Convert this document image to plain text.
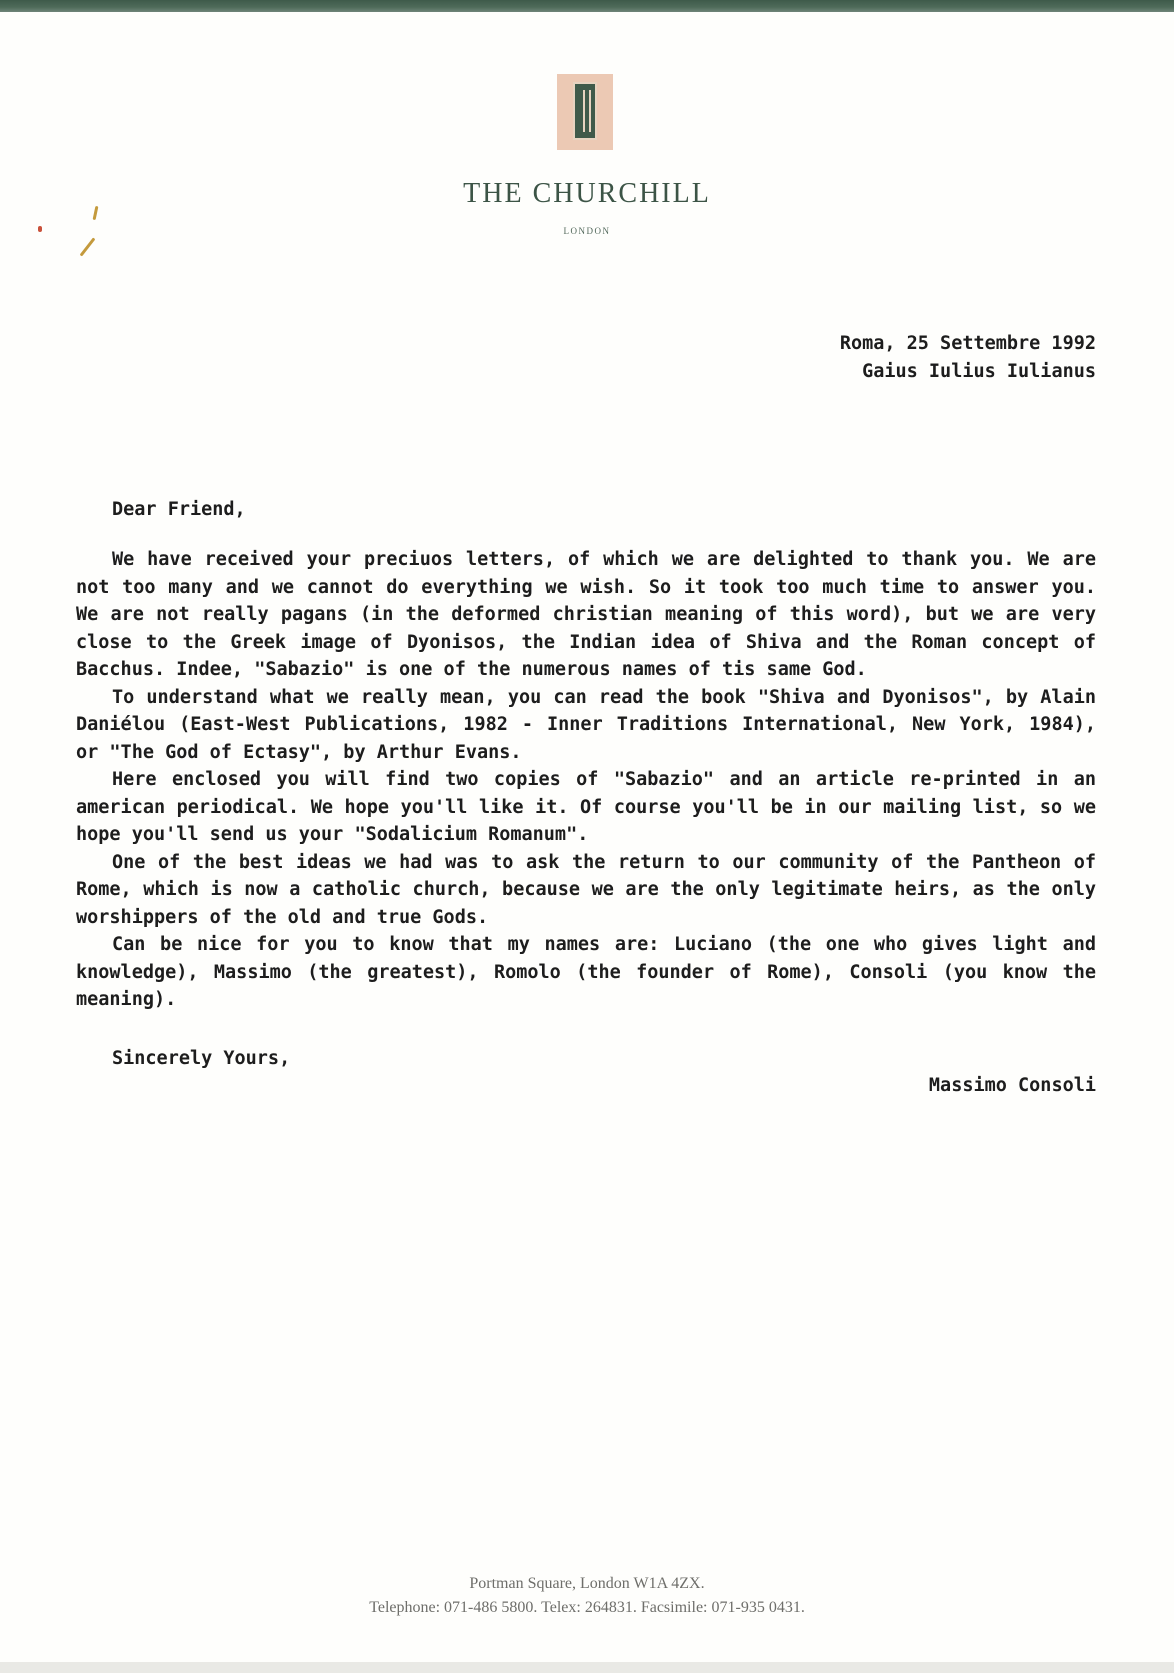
THE CHURCHILL
LONDON
Roma, 25 Settembre 1992
Gaius Iulius Iulianus
Dear Friend,

We have received your preciuos letters, of which we are delighted to thank you. We are not too many and we cannot do everything we wish. So it took too much time to answer you. We are not really pagans (in the deformed christian meaning of this word), but we are very close to the Greek image of Dyonisos, the Indian idea of Shiva and the Roman concept of Bacchus. Indee, "Sabazio" is one of the numerous names of tis same God.

To understand what we really mean, you can read the book "Shiva and Dyonisos", by Alain Daniélou (East-West Publications, 1982 - Inner Traditions International, New York, 1984), or "The God of Ectasy", by Arthur Evans.

Here enclosed you will find two copies of "Sabazio" and an article re-printed in an american periodical. We hope you'll like it. Of course you'll be in our mailing list, so we hope you'll send us your "Sodalicium Romanum".

One of the best ideas we had was to ask the return to our community of the Pantheon of Rome, which is now a catholic church, because we are the only legitimate heirs, as the only worshippers of the old and true Gods.

Can be nice for you to know that my names are: Luciano (the one who gives light and knowledge), Massimo (the greatest), Romolo (the founder of Rome), Consoli (you know the meaning).

Sincerely Yours,
Massimo Consoli
Portman Square, London W1A 4ZX.
Telephone: 071-486 5800. Telex: 264831. Facsimile: 071-935 0431.
